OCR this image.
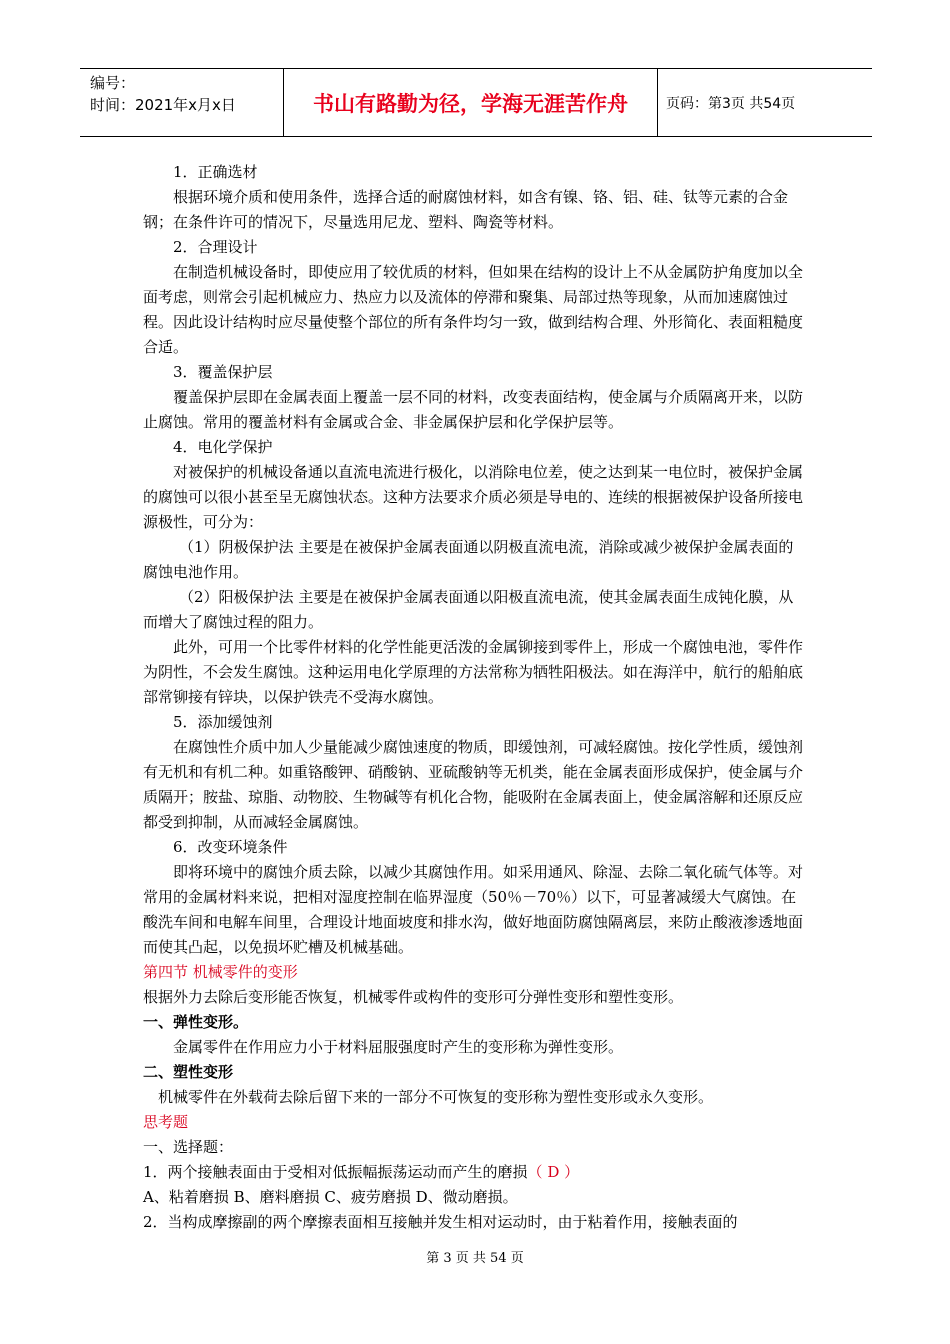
编号：
时间：2021年x月x日	书山有路勤为径，学海无涯苦作舟	页码：第3页 共54页

1．正确选材

根据环境介质和使用条件，选择合适的耐腐蚀材料，如含有镍、铬、铝、硅、钛等元素的合金钢；在条件许可的情况下，尽量选用尼龙、塑料、陶瓷等材料。

2．合理设计

在制造机械设备时，即使应用了较优质的材料，但如果在结构的设计上不从金属防护角度加以全面考虑，则常会引起机械应力、热应力以及流体的停滞和聚集、局部过热等现象，从而加速腐蚀过程。因此设计结构时应尽量使整个部位的所有条件均匀一致，做到结构合理、外形简化、表面粗糙度合适。

3．覆盖保护层

覆盖保护层即在金属表面上覆盖一层不同的材料，改变表面结构，使金属与介质隔离开来，以防止腐蚀。常用的覆盖材料有金属或合金、非金属保护层和化学保护层等。

4．电化学保护

对被保护的机械设备通以直流电流进行极化，以消除电位差，使之达到某一电位时，被保护金属的腐蚀可以很小甚至呈无腐蚀状态。这种方法要求介质必须是导电的、连续的根据被保护设备所接电源极性，可分为：

（1）阴极保护法 主要是在被保护金属表面通以阴极直流电流，消除或减少被保护金属表面的腐蚀电池作用。

（2）阳极保护法 主要是在被保护金属表面通以阳极直流电流，使其金属表面生成钝化膜，从而增大了腐蚀过程的阻力。

此外，可用一个比零件材料的化学性能更活泼的金属铆接到零件上，形成一个腐蚀电池，零件作为阴性，不会发生腐蚀。这种运用电化学原理的方法常称为牺牲阳极法。如在海洋中，航行的船舶底部常铆接有锌块，以保护铁壳不受海水腐蚀。

5．添加缓蚀剂

在腐蚀性介质中加人少量能减少腐蚀速度的物质，即缓蚀剂，可减轻腐蚀。按化学性质，缓蚀剂有无机和有机二种。如重铬酸钾、硝酸钠、亚硫酸钠等无机类，能在金属表面形成保护，使金属与介质隔开；胺盐、琼脂、动物胶、生物碱等有机化合物，能吸附在金属表面上，使金属溶解和还原反应都受到抑制，从而减轻金属腐蚀。

6．改变环境条件

即将环境中的腐蚀介质去除，以减少其腐蚀作用。如采用通风、除湿、去除二氧化硫气体等。对常用的金属材料来说，把相对湿度控制在临界湿度（50％－70％）以下，可显著减缓大气腐蚀。在酸洗车间和电解车间里，合理设计地面坡度和排水沟，做好地面防腐蚀隔离层，来防止酸液渗透地面而使其凸起，以免损坏贮槽及机械基础。

第四节 机械零件的变形

根据外力去除后变形能否恢复，机械零件或构件的变形可分弹性变形和塑性变形。

一、弹性变形。

金属零件在作用应力小于材料屈服强度时产生的变形称为弹性变形。

二、塑性变形

机械零件在外载荷去除后留下来的一部分不可恢复的变形称为塑性变形或永久变形。

思考题

一、选择题：

1．两个接触表面由于受相对低振幅振荡运动而产生的磨损（ D ）

A、粘着磨损 B、磨料磨损 C、疲劳磨损 D、微动磨损。

2．当构成摩擦副的两个摩擦表面相互接触并发生相对运动时，由于粘着作用，接触表面的

第 3 页 共 54 页
